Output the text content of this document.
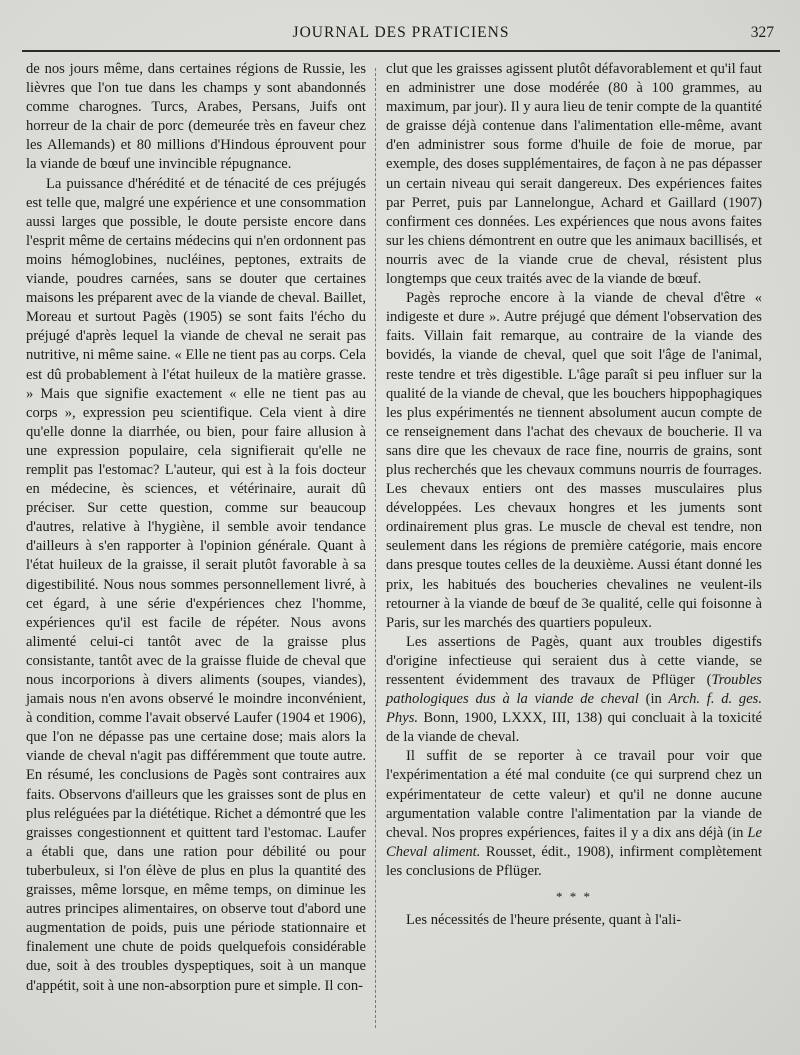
JOURNAL DES PRATICIENS	327

de nos jours même, dans certaines régions de Russie, les lièvres que l'on tue dans les champs y sont abandonnés comme charognes. Turcs, Arabes, Persans, Juifs ont horreur de la chair de porc (demeurée très en faveur chez les Allemands) et 80 millions d'Hindous éprouvent pour la viande de bœuf une invincible répugnance.

La puissance d'hérédité et de ténacité de ces préjugés est telle que, malgré une expérience et une consommation aussi larges que possible, le doute persiste encore dans l'esprit même de certains médecins qui n'en ordonnent pas moins hémoglobines, nucléines, peptones, extraits de viande, poudres carnées, sans se douter que certaines maisons les préparent avec de la viande de cheval. Baillet, Moreau et surtout Pagès (1905) se sont faits l'écho du préjugé d'après lequel la viande de cheval ne serait pas nutritive, ni même saine. « Elle ne tient pas au corps. Cela est dû probablement à l'état huileux de la matière grasse. » Mais que signifie exactement « elle ne tient pas au corps », expression peu scientifique. Cela vient à dire qu'elle donne la diarrhée, ou bien, pour faire allusion à une expression populaire, cela signifierait qu'elle ne remplit pas l'estomac? L'auteur, qui est à la fois docteur en médecine, ès sciences, et vétérinaire, aurait dû préciser. Sur cette question, comme sur beaucoup d'autres, relative à l'hygiène, il semble avoir tendance d'ailleurs à s'en rapporter à l'opinion générale. Quant à l'état huileux de la graisse, il serait plutôt favorable à sa digestibilité. Nous nous sommes personnellement livré, à cet égard, à une série d'expériences chez l'homme, expériences qu'il est facile de répéter. Nous avons alimenté celui-ci tantôt avec de la graisse plus consistante, tantôt avec de la graisse fluide de cheval que nous incorporions à divers aliments (soupes, viandes), jamais nous n'en avons observé le moindre inconvénient, à condition, comme l'avait observé Laufer (1904 et 1906), que l'on ne dépasse pas une certaine dose; mais alors la viande de cheval n'agit pas différemment que toute autre. En résumé, les conclusions de Pagès sont contraires aux faits. Observons d'ailleurs que les graisses sont de plus en plus reléguées par la diététique. Richet a démontré que les graisses congestionnent et quittent tard l'estomac. Laufer a établi que, dans une ration pour débilité ou pour tuberbuleux, si l'on élève de plus en plus la quantité des graisses, même lorsque, en même temps, on diminue les autres principes alimentaires, on observe tout d'abord une augmentation de poids, puis une période stationnaire et finalement une chute de poids quelquefois considérable due, soit à des troubles dyspeptiques, soit à un manque d'appétit, soit à une non-absorption pure et simple. Il con-

clut que les graisses agissent plutôt défavorablement et qu'il faut en administrer une dose modérée (80 à 100 grammes, au maximum, par jour). Il y aura lieu de tenir compte de la quantité de graisse déjà contenue dans l'alimentation elle-même, avant d'en administrer sous forme d'huile de foie de morue, par exemple, des doses supplémentaires, de façon à ne pas dépasser un certain niveau qui serait dangereux. Des expériences faites par Perret, puis par Lannelongue, Achard et Gaillard (1907) confirment ces données. Les expériences que nous avons faites sur les chiens démontrent en outre que les animaux bacillisés, et nourris avec de la viande crue de cheval, résistent plus longtemps que ceux traités avec de la viande de bœuf.

Pagès reproche encore à la viande de cheval d'être « indigeste et dure ». Autre préjugé que dément l'observation des faits. Villain fait remarque, au contraire de la viande des bovidés, la viande de cheval, quel que soit l'âge de l'animal, reste tendre et très digestible. L'âge paraît si peu influer sur la qualité de la viande de cheval, que les bouchers hippophagiques les plus expérimentés ne tiennent absolument aucun compte de ce renseignement dans l'achat des chevaux de boucherie. Il va sans dire que les chevaux de race fine, nourris de grains, sont plus recherchés que les chevaux communs nourris de fourrages. Les chevaux entiers ont des masses musculaires plus développées. Les chevaux hongres et les juments sont ordinairement plus gras. Le muscle de cheval est tendre, non seulement dans les régions de première catégorie, mais encore dans presque toutes celles de la deuxième. Aussi étant donné les prix, les habitués des boucheries chevalines ne veulent-ils retourner à la viande de bœuf de 3e qualité, celle qui foisonne à Paris, sur les marchés des quartiers populeux.

Les assertions de Pagès, quant aux troubles digestifs d'origine infectieuse qui seraient dus à cette viande, se ressentent évidemment des travaux de Pflüger (Troubles pathologiques dus à la viande de cheval (in Arch. f. d. ges. Phys. Bonn, 1900, LXXX, III, 138) qui concluait à la toxicité de la viande de cheval.

Il suffit de se reporter à ce travail pour voir que l'expérimentation a été mal conduite (ce qui surprend chez un expérimentateur de cette valeur) et qu'il ne donne aucune argumentation valable contre l'alimentation par la viande de cheval. Nos propres expériences, faites il y a dix ans déjà (in Le Cheval aliment. Rousset, édit., 1908), infirment complètement les conclusions de Pflüger.

* * *

Les nécessités de l'heure présente, quant à l'ali-
